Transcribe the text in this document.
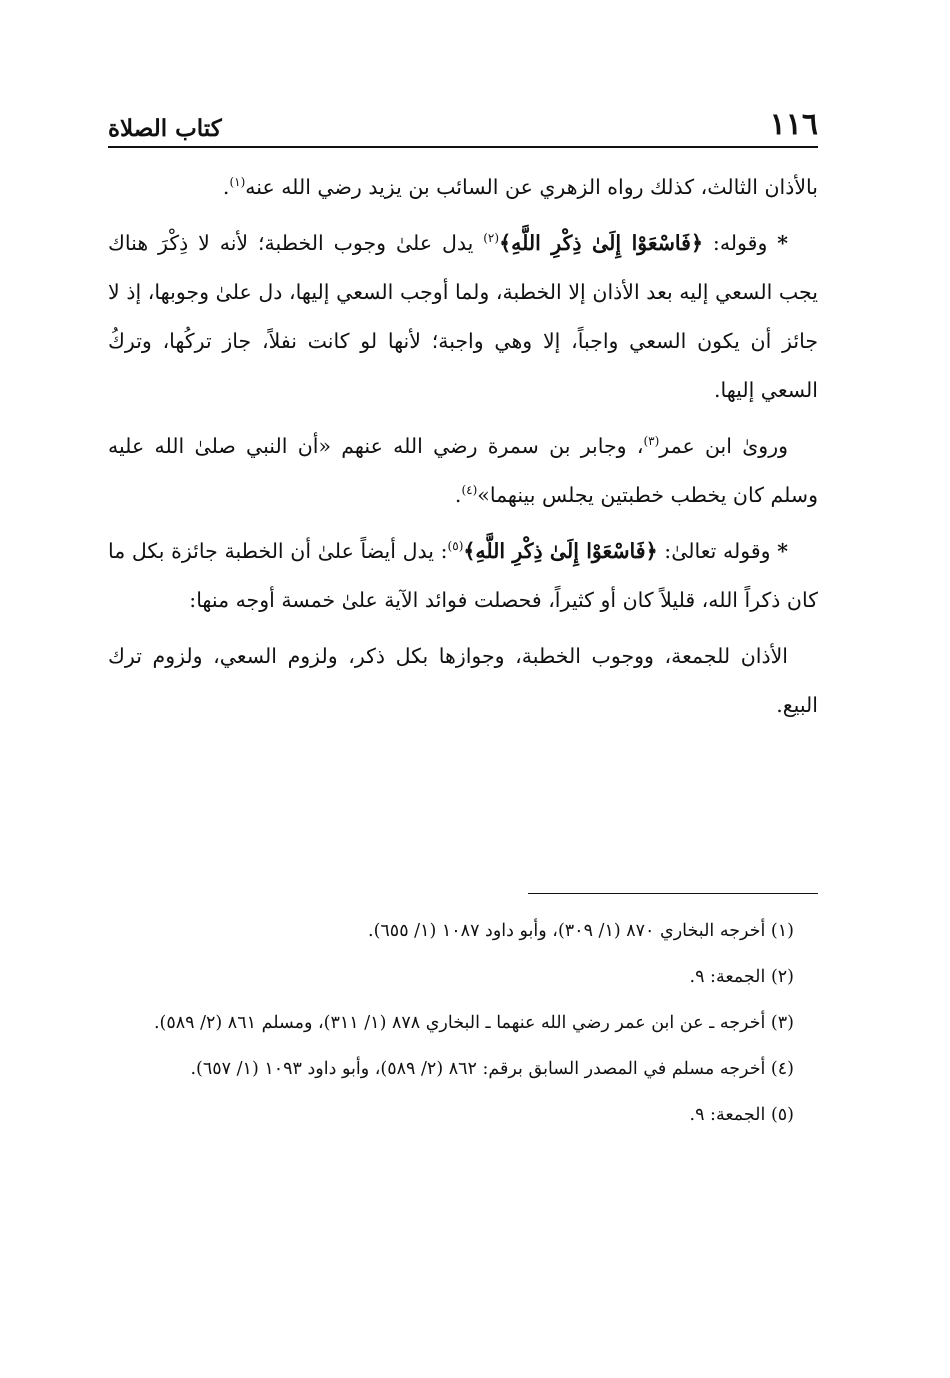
١١٦
كتاب الصلاة

بالأذان الثالث، كذلك رواه الزهري عن السائب بن يزيد رضي الله عنه$^{(١)}$.

* وقوله: ﴿فَاسْعَوْا إِلَىٰ ذِكْرِ اللَّهِ﴾$^{(٢)}$ يدل علىٰ وجوب الخطبة؛ لأنه لا ذِكْرَ هناك يجب السعي إليه بعد الأذان إلا الخطبة، ولما أوجب السعي إليها، دل علىٰ وجوبها، إذ لا جائز أن يكون السعي واجباً، إلا وهي واجبة؛ لأنها لو كانت نفلاً، جاز تركُها، وتركُ السعي إليها.

وروىٰ ابن عمر$^{(٣)}$، وجابر بن سمرة رضي الله عنهم «أن النبي صلىٰ الله عليه وسلم كان يخطب خطبتين يجلس بينهما»$^{(٤)}$.

* وقوله تعالىٰ: ﴿فَاسْعَوْا إِلَىٰ ذِكْرِ اللَّهِ﴾$^{(٥)}$: يدل أيضاً علىٰ أن الخطبة جائزة بكل ما كان ذكراً الله، قليلاً كان أو كثيراً، فحصلت فوائد الآية علىٰ خمسة أوجه منها:

الأذان للجمعة، ووجوب الخطبة، وجوازها بكل ذكر، ولزوم السعي، ولزوم ترك البيع.

(١) أخرجه البخاري ٨٧٠ (١/ ٣٠٩)، وأبو داود ١٠٨٧ (١/ ٦٥٥).
(٢) الجمعة: ٩.
(٣) أخرجه ـ عن ابن عمر رضي الله عنهما ـ البخاري ٨٧٨ (١/ ٣١١)، ومسلم ٨٦١ (٢/ ٥٨٩).
(٤) أخرجه مسلم في المصدر السابق برقم: ٨٦٢ (٢/ ٥٨٩)، وأبو داود ١٠٩٣ (١/ ٦٥٧).
(٥) الجمعة: ٩.
